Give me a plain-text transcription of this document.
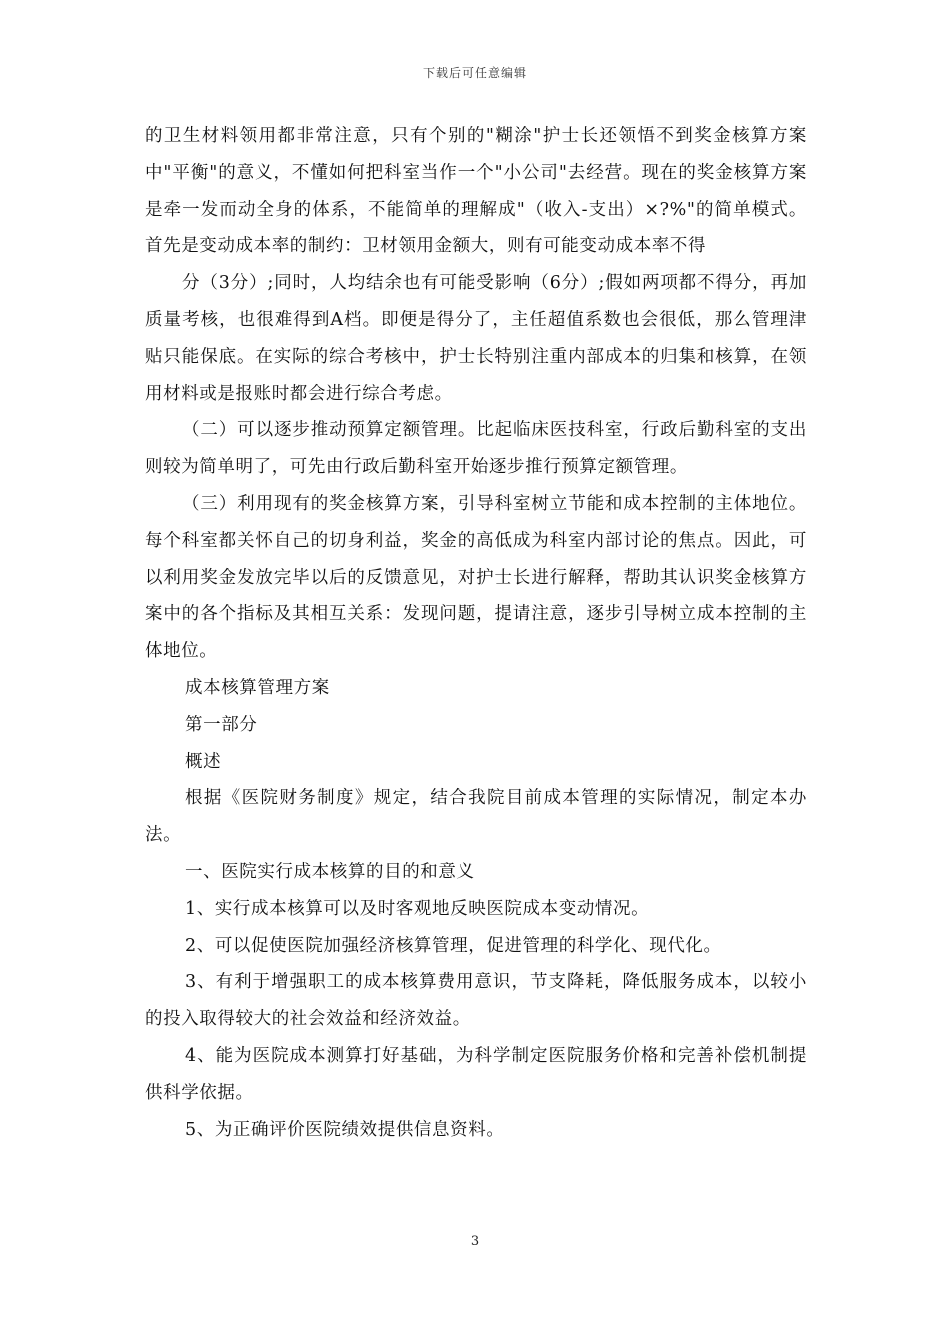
下载后可任意编辑

的卫生材料领用都非常注意，只有个别的"糊涂"护士长还领悟不到奖金核算方案中"平衡"的意义，不懂如何把科室当作一个"小公司"去经营。现在的奖金核算方案是牵一发而动全身的体系，不能简单的理解成"（收入-支出）×?%"的简单模式。首先是变动成本率的制约：卫材领用金额大，则有可能变动成本率不得

分（3分）;同时，人均结余也有可能受影响（6分）;假如两项都不得分，再加质量考核，也很难得到A档。即便是得分了，主任超值系数也会很低，那么管理津贴只能保底。在实际的综合考核中，护士长特别注重内部成本的归集和核算，在领用材料或是报账时都会进行综合考虑。

（二）可以逐步推动预算定额管理。比起临床医技科室，行政后勤科室的支出则较为简单明了，可先由行政后勤科室开始逐步推行预算定额管理。

（三）利用现有的奖金核算方案，引导科室树立节能和成本控制的主体地位。每个科室都关怀自己的切身利益，奖金的高低成为科室内部讨论的焦点。因此，可以利用奖金发放完毕以后的反馈意见，对护士长进行解释，帮助其认识奖金核算方案中的各个指标及其相互关系：发现问题，提请注意，逐步引导树立成本控制的主体地位。

成本核算管理方案

第一部分

概述

根据《医院财务制度》规定，结合我院目前成本管理的实际情况，制定本办法。

一、医院实行成本核算的目的和意义

1、实行成本核算可以及时客观地反映医院成本变动情况。

2、可以促使医院加强经济核算管理，促进管理的科学化、现代化。

3、有利于增强职工的成本核算费用意识，节支降耗，降低服务成本，以较小的投入取得较大的社会效益和经济效益。

4、能为医院成本测算打好基础，为科学制定医院服务价格和完善补偿机制提供科学依据。

5、为正确评价医院绩效提供信息资料。

3
